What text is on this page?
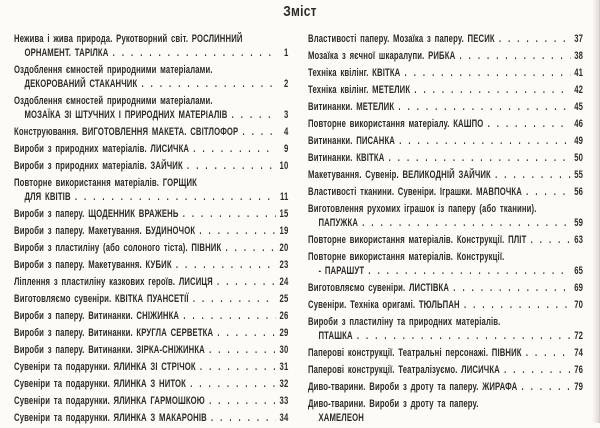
Зміст
Нежива і жива природа. Рукотворний світ. РОСЛИННИЙ
ОРНАМЕНТ. ТАРІЛКА . . .	1
Оздоблення ємностей природними матеріалами.
ДЕКОРОВАНИЙ СТАКАНЧИК . . .	2
Оздоблення ємностей природними матеріалами.
МОЗАЇКА ЗІ ШТУЧНИХ І ПРИРОДНИХ МАТЕРІАЛІВ . . .	3
Конструювання. ВИГОТОВЛЕННЯ МАКЕТА. СВІТЛОФОР . . .	4
Вироби з природних матеріалів. ЛИСИЧКА . . .	9
Вироби з природних матеріалів. ЗАЙЧИК . . .	10
Повторне використання матеріалів. ГОРЩИК
ДЛЯ КВІТІВ . . .	11
Вироби з паперу. ЩОДЕННИК ВРАЖЕНЬ . . .	15
Вироби з паперу. Макетування. БУДИНОЧОК . . .	19
Вироби з пластиліну (або солоного тіста). ПІВНИК . . .	20
Вироби з паперу. Макетування. КУБИК . . .	23
Ліплення з пластиліну казкових героїв. ЛИСИЦЯ . . .	24
Виготовляємо сувеніри. КВІТКА ПУАНСЕТІЇ . . .	25
Вироби з паперу. Витинанки. СНІЖИНКА . . .	26
Вироби з паперу. Витинанки. КРУГЛА СЕРВЕТКА . . .	29
Вироби з паперу. Витинанки. ЗІРКА-СНІЖИНКА . . .	30
Сувеніри та подарунки. ЯЛИНКА ЗІ СТРІЧОК . . .	31
Сувеніри та подарунки. ЯЛИНКА З НИТОК . . .	32
Сувеніри та подарунки. ЯЛИНКА ГАРМОШКОЮ . . .	33
Сувеніри та подарунки. ЯЛИНКА З МАКАРОНІВ . . .	34
Властивості паперу. Мозаїка з паперу. ПЕСИК . . .	37
Мозаїка з яєчної шкаралупи. РИБКА . . .	38
Техніка квілінг. КВІТКА . . .	41
Техніка квілінг. МЕТЕЛИК . . .	42
Витинанки. МЕТЕЛИК . . .	45
Повторне використання матеріалу. КАШПО . . .	46
Витинанки. ПИСАНКА . . .	49
Витинанки. КВІТКА . . .	50
Макетування. Сувенір. ВЕЛИКОДНІЙ ЗАЙЧИК . . .	55
Властивості тканини. Сувеніри. Іграшки. МАВПОЧКА . . .	56
Виготовлення рухомих іграшок із паперу (або тканини).
ПАПУЖКА . . .	59
Повторне використання матеріалів. Конструкції. ПЛІТ . . .	63
Повторне використання матеріалів. Конструкції.
- ПАРАШУТ . . .	65
Виготовляємо сувеніри. ЛИСТІВКА . . .	69
Сувеніри. Техніка оригамі. ТЮЛЬПАН . . .	70
Вироби з пластиліну та природних матеріалів.
ПТАШКА . . .	72
Паперові конструкції. Театральні персонажі. ПІВНИК . . .	74
Паперові конструкції. Театралізуємо. ЛИСИЧКА . . .	76
Диво-тварини. Вироби з дроту та паперу. ЖИРАФА . . .	79
Диво-тварини. Вироби з дроту та паперу.
ХАМЕЛЕОН
